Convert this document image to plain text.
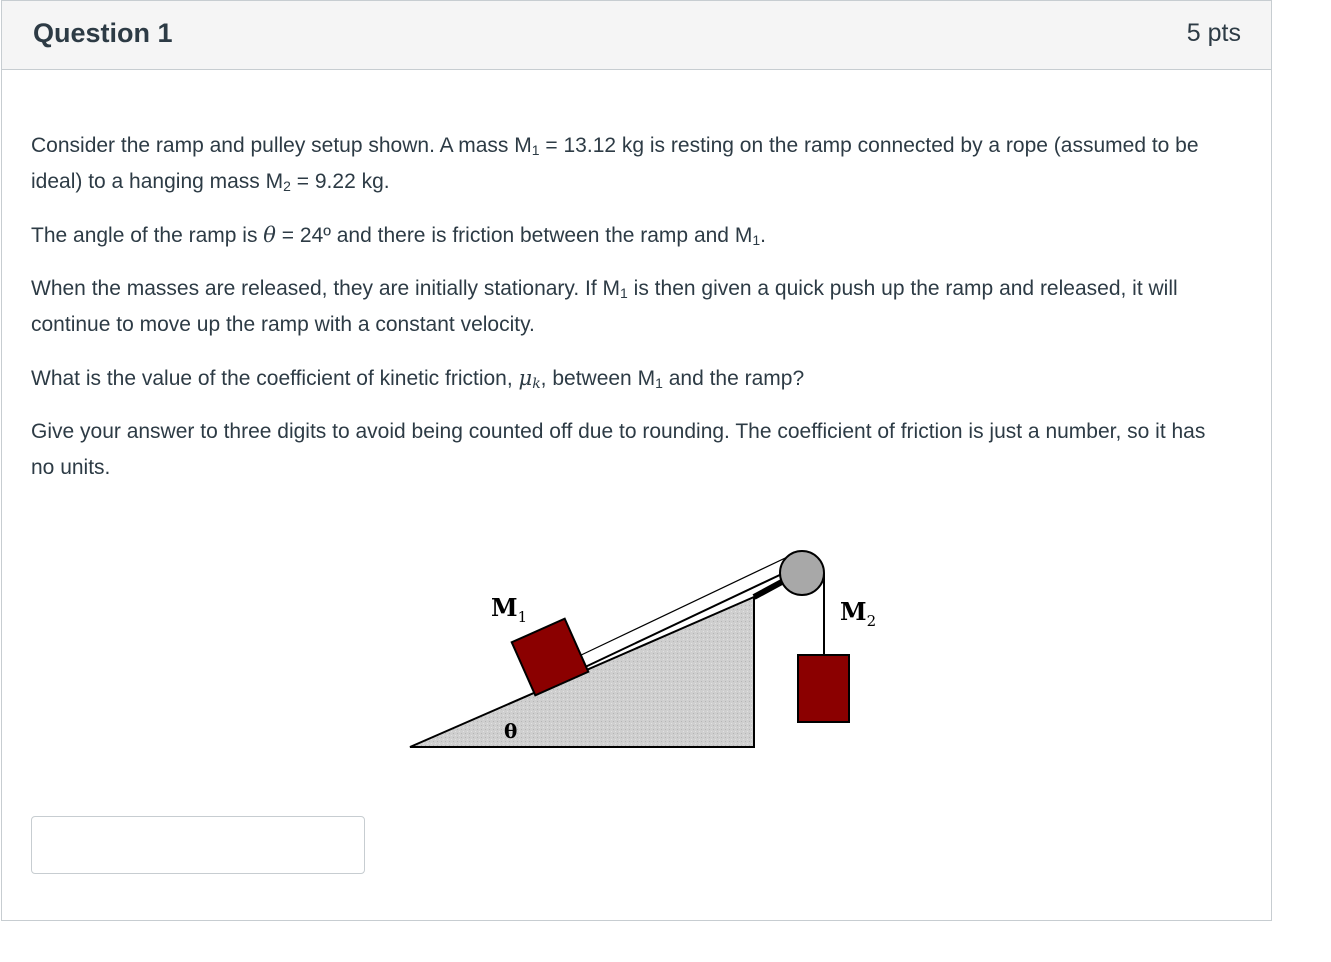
Question 1	5 pts

Consider the ramp and pulley setup shown. A mass $M_1 = 13.12$ kg is resting on the ramp connected by a rope (assumed to be ideal) to a hanging mass $M_2 = 9.22$ kg.

The angle of the ramp is θ = 24º and there is friction between the ramp and $M_1$.

When the masses are released, they are initially stationary. If $M_1$ is then given a quick push up the ramp and released, it will continue to move up the ramp with a constant velocity.

What is the value of the coefficient of kinetic friction, $\mu_k$, between $M_1$ and the ramp?

Give your answer to three digits to avoid being counted off due to rounding. The coefficient of friction is just a number, so it has no units.

$M_1$	$M_2$
θ
